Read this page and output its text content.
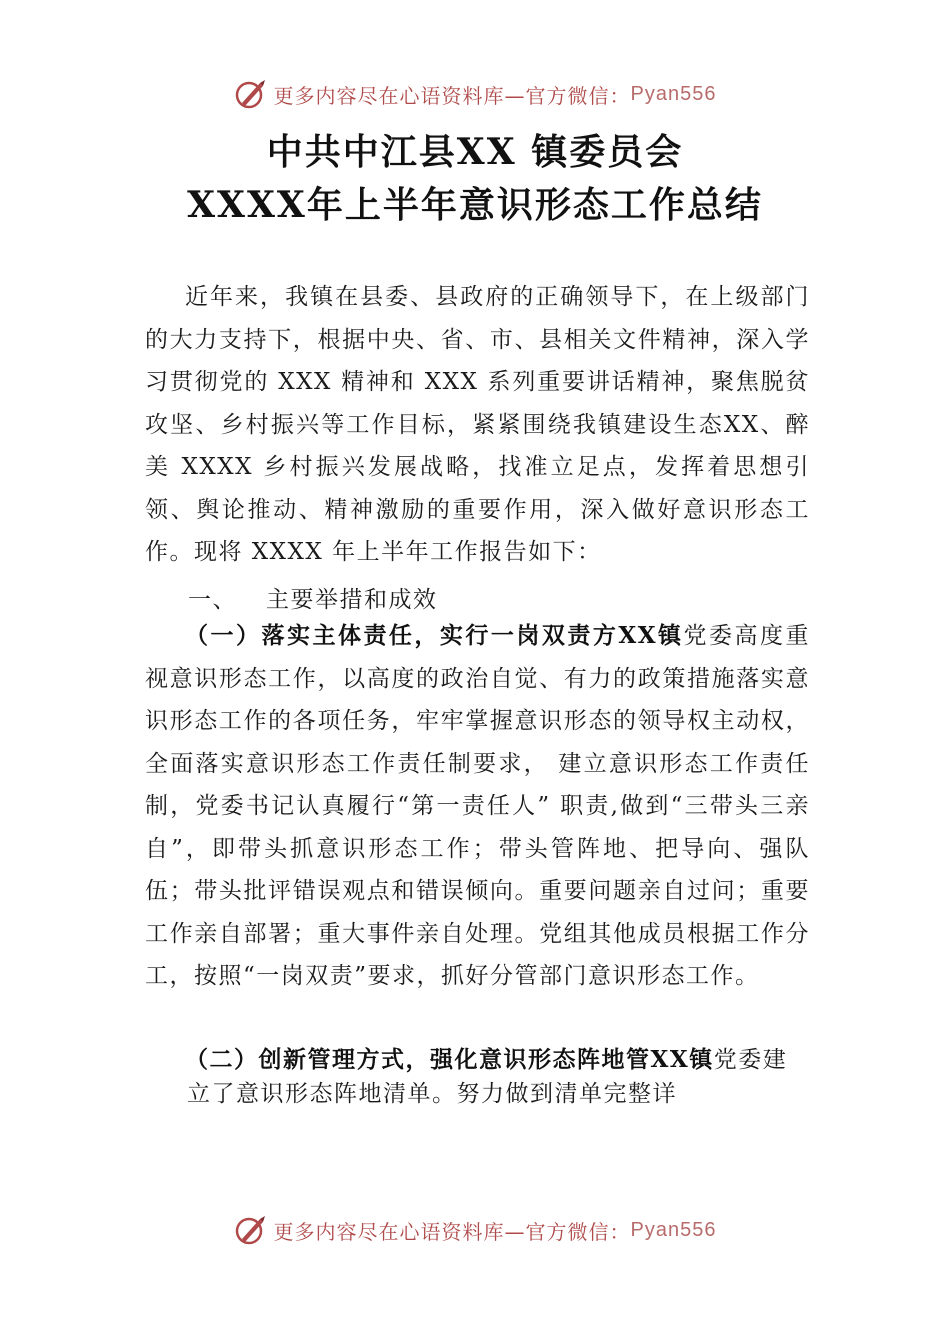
更多内容尽在心语资料库—官方微信： Pyan556
中共中江县XX 镇委员会
XXXX年上半年意识形态工作总结
近年来，我镇在县委、县政府的正确领导下，在上级部门的大力支持下，根据中央、省、市、县相关文件精神，深入学习贯彻党的 XXX 精神和 XXX 系列重要讲话精神，聚焦脱贫攻坚、乡村振兴等工作目标，紧紧围绕我镇建设生态XX、醉美 XXXX 乡村振兴发展战略，找准立足点，发挥着思想引领、舆论推动、精神激励的重要作用，深入做好意识形态工作。现将 XXXX 年上半年工作报告如下：
一、 主要举措和成效
（一）落实主体责任，实行一岗双责方XX镇党委高度重视意识形态工作，以高度的政治自觉、有力的政策措施落实意识形态工作的各项任务，牢牢掌握意识形态的领导权主动权，全面落实意识形态工作责任制要求， 建立意识形态工作责任制，党委书记认真履行“第一责任人” 职责,做到“三带头三亲自”，即带头抓意识形态工作；带头管阵地、把导向、强队伍；带头批评错误观点和错误倾向。重要问题亲自过问；重要工作亲自部署；重大事件亲自处理。党组其他成员根据工作分工，按照“一岗双责”要求，抓好分管部门意识形态工作。
（二）创新管理方式，强化意识形态阵地管XX镇党委建
立了意识形态阵地清单。努力做到清单完整详
更多内容尽在心语资料库—官方微信： Pyan556
